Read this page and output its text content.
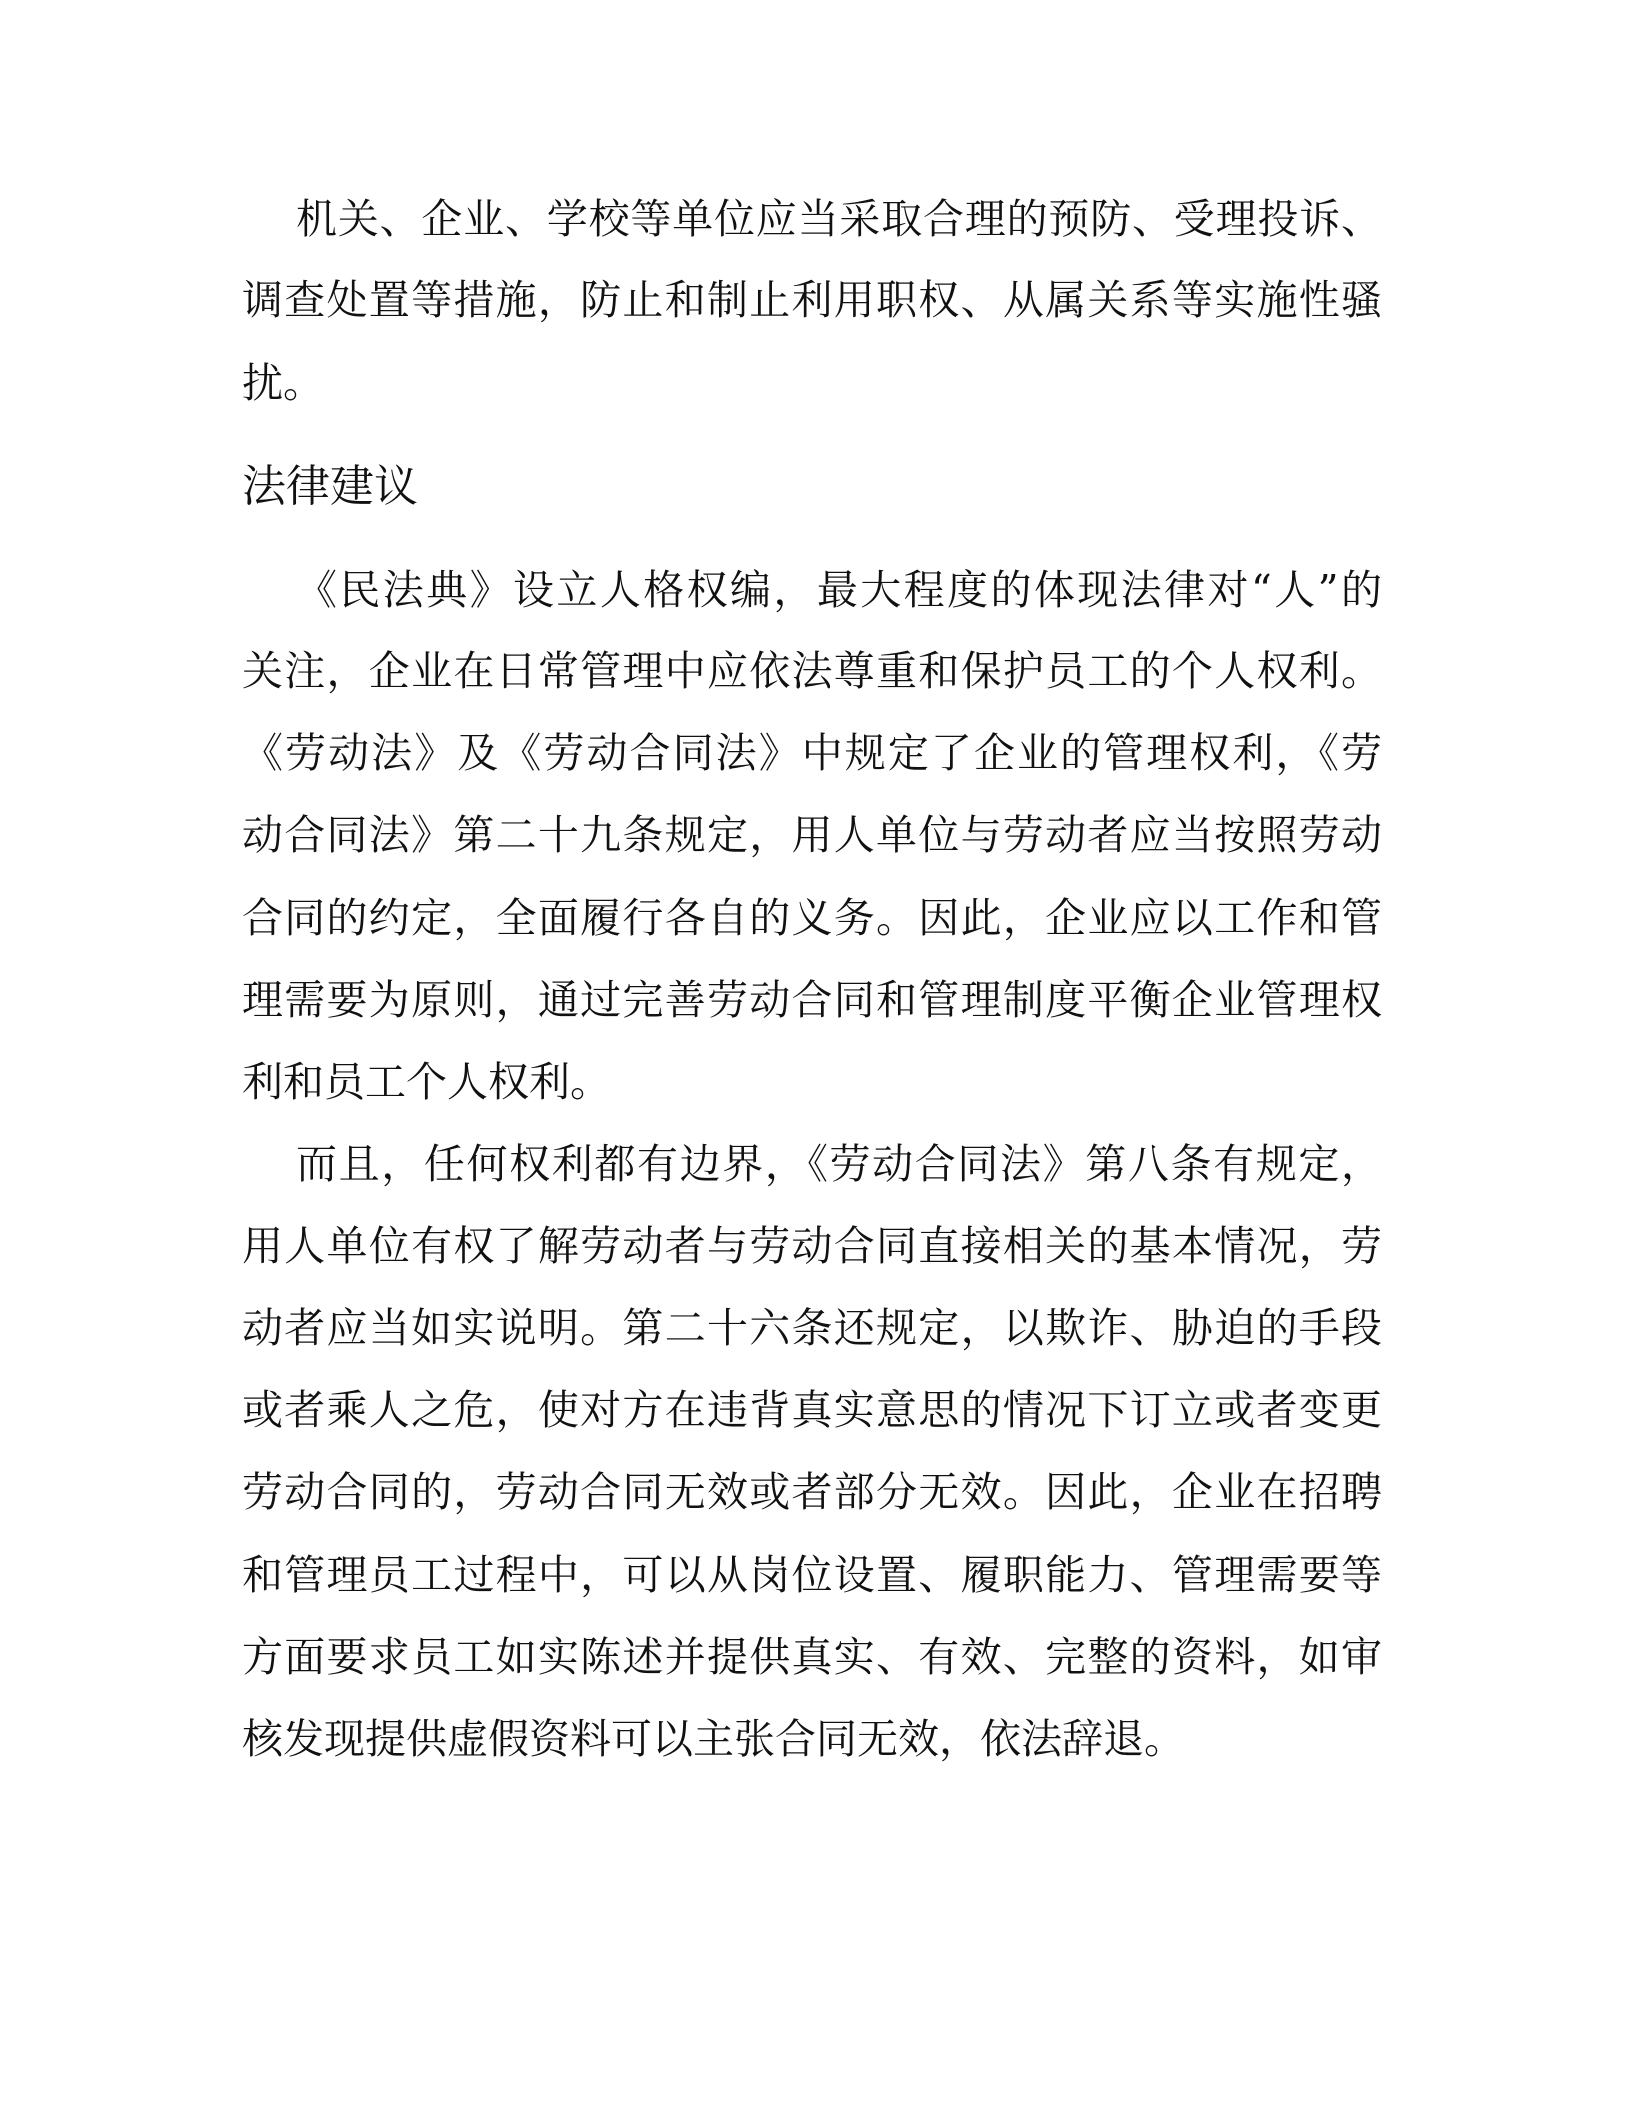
机关、企业、学校等单位应当采取合理的预防、受理投诉、
调查处置等措施，防止和制止利用职权、从属关系等实施性骚
扰。
法律建议
《民法典》设立人格权编，最大程度的体现法律对“人”的
关注，企业在日常管理中应依法尊重和保护员工的个人权利。
《劳动法》及《劳动合同法》中规定了企业的管理权利，《劳
动合同法》第二十九条规定，用人单位与劳动者应当按照劳动
合同的约定，全面履行各自的义务。因此，企业应以工作和管
理需要为原则，通过完善劳动合同和管理制度平衡企业管理权
利和员工个人权利。
而且，任何权利都有边界，《劳动合同法》第八条有规定，
用人单位有权了解劳动者与劳动合同直接相关的基本情况，劳
动者应当如实说明。第二十六条还规定，以欺诈、胁迫的手段
或者乘人之危，使对方在违背真实意思的情况下订立或者变更
劳动合同的，劳动合同无效或者部分无效。因此，企业在招聘
和管理员工过程中，可以从岗位设置、履职能力、管理需要等
方面要求员工如实陈述并提供真实、有效、完整的资料，如审
核发现提供虚假资料可以主张合同无效，依法辞退。
